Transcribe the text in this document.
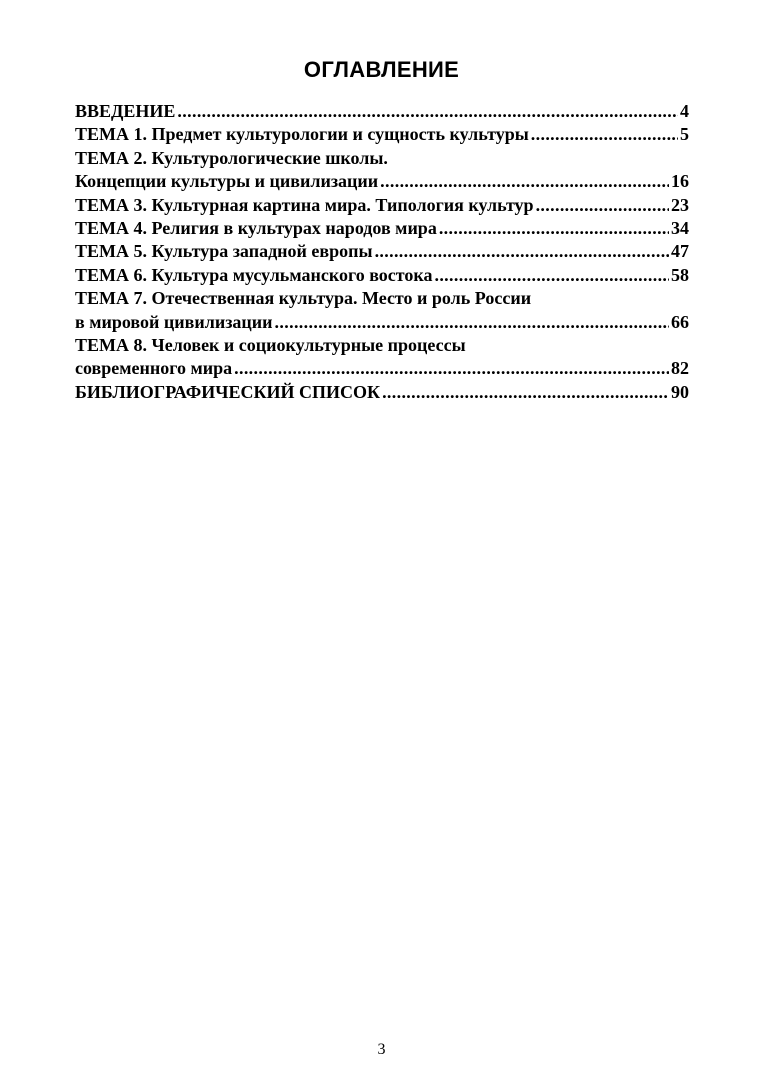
ОГЛАВЛЕНИЕ
ВВЕДЕНИЕ .....	4
ТЕМА 1. Предмет культурологии и сущность культуры .....	5
ТЕМА 2. Культурологические школы.
Концепции культуры и цивилизации .....	16
ТЕМА 3. Культурная картина мира. Типология культур .....	23
ТЕМА 4. Религия в культурах народов мира .....	34
ТЕМА 5. Культура западной европы .....	47
ТЕМА 6. Культура мусульманского востока .....	58
ТЕМА 7. Отечественная культура. Место и роль России
в мировой цивилизации .....	66
ТЕМА 8. Человек и социокультурные процессы
современного мира .....	82
БИБЛИОГРАФИЧЕСКИЙ СПИСОК .....	90
3
